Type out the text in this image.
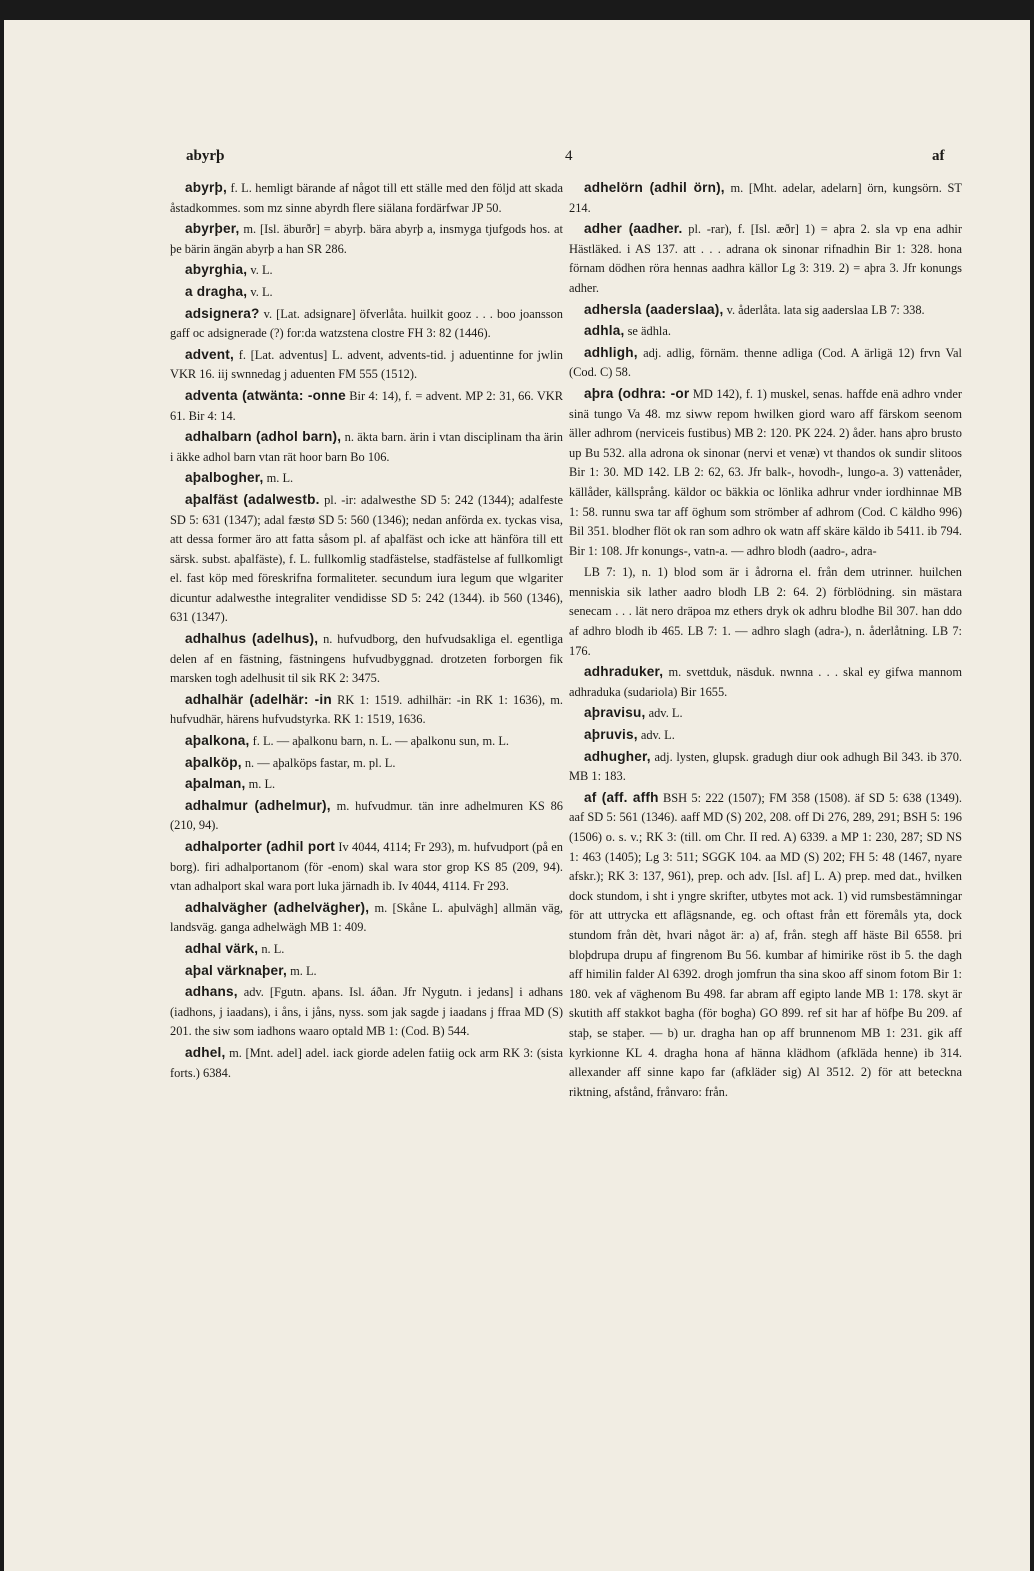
abyrþ	4	af

abyrþ, f. L. hemligt bärande af något till ett ställe med den följd att skada åstadkommes. som mz sinne abyrdh flere siälana fordärfwar JP 50.

abyrþer, m. [Isl. äburðr] = abyrþ. bära abyrþ a, insmyga tjufgods hos. at þe bärin ängän abyrþ a han SR 286.

abyrghia, v. L.

a dragha, v. L.

adsignera? v. [Lat. adsignare] öfverlåta. huilkit gooz . . . boo joansson gaff oc adsignerade (?) for:da watzstena clostre FH 3: 82 (1446).

advent, f. [Lat. adventus] L. advent, advents-tid. j aduentinne for jwlin VKR 16. iij swnnedag j aduenten FM 555 (1512).

adventa (atwänta: -onne Bir 4: 14), f. = advent. MP 2: 31, 66. VKR 61. Bir 4: 14.

adhalbarn (adhol barn), n. äkta barn. ärin i vtan disciplinam tha ärin i äkke adhol barn vtan rät hoor barn Bo 106.

aþalbogher, m. L.

aþalfäst (adalwestb. pl. -ir: adalwesthe SD 5: 242 (1344); adalfeste SD 5: 631 (1347); adal fæstø SD 5: 560 (1346); nedan anförda ex. tyckas visa, att dessa former äro att fatta såsom pl. af aþalfäst och icke att hänföra till ett särsk. subst. aþalfäste), f. L. fullkomlig stadfästelse, stadfästelse af fullkomligt el. fast köp med föreskrifna formaliteter. secundum iura legum que wlgariter dicuntur adalwesthe integraliter vendidisse SD 5: 242 (1344). ib 560 (1346), 631 (1347).

adhalhus (adelhus), n. hufvudborg, den hufvudsakliga el. egentliga delen af en fästning, fästningens hufvudbyggnad. drotzeten forborgen fik marsken togh adelhusit til sik RK 2: 3475.

adhalhär (adelhär: -in RK 1: 1519. adhilhär: -in RK 1: 1636), m. hufvudhär, härens hufvudstyrka. RK 1: 1519, 1636.

aþalkona, f. L. — aþalkonu barn, n. L. — aþalkonu sun, m. L.

aþalköp, n. — aþalköps fastar, m. pl. L.

aþalman, m. L.

adhalmur (adhelmur), m. hufvudmur. tän inre adhelmuren KS 86 (210, 94).

adhalporter (adhil port Iv 4044, 4114; Fr 293), m. hufvudport (på en borg). firi adhalportanom (för -enom) skal wara stor grop KS 85 (209, 94). vtan adhalport skal wara port luka järnadh ib. Iv 4044, 4114. Fr 293.

adhalvägher (adhelvägher), m. [Skåne L. aþulvägh] allmän väg, landsväg. ganga adhelwägh MB 1: 409.

adhal värk, n. L.

aþal värknaþer, m. L.

adhans, adv. [Fgutn. aþans. Isl. áðan. Jfr Nygutn. i jedans] i adhans (iadhons, j iaadans), i åns, i jåns, nyss. som jak sagde j iaadans j ffraa MD (S) 201. the siw som iadhons waaro optald MB 1: (Cod. B) 544.

adhel, m. [Mnt. adel] adel. iack giorde adelen fatiig ock arm RK 3: (sista forts.) 6384.

adhelörn (adhil örn), m. [Mht. adelar, adelarn] örn, kungsörn. ST 214.

adher (aadher. pl. -rar), f. [Isl. æðr] 1) = aþra 2. sla vp ena adhir Hästläked. i AS 137. att . . . adrana ok sinonar rifnadhin Bir 1: 328. hona förnam dödhen röra hennas aadhra källor Lg 3: 319. 2) = aþra 3. Jfr konungs adher.

adhersla (aaderslaa), v. åderlåta. lata sig aaderslaa LB 7: 338.

adhla, se ädhla.

adhligh, adj. adlig, förnäm. thenne adliga (Cod. A ärligä 12) frvn Val (Cod. C) 58.

aþra (odhra: -or MD 142), f. 1) muskel, senas. haffde enä adhro vnder sinä tungo Va 48. mz siww repom hwilken giord waro aff färskom seenom äller adhrom (nerviceis fustibus) MB 2: 120. PK 224. 2) åder. hans aþro brusto up Bu 532. alla adrona ok sinonar (nervi et venæ) vt thandos ok sundir slitoos Bir 1: 30. MD 142. LB 2: 62, 63. Jfr balk-, hovodh-, lungo-a. 3) vattenåder, källåder, källsprång. käldor oc bäkkia oc lönlika adhrur vnder iordhinnae MB 1: 58. runnu swa tar aff öghum som strömber af adhrom (Cod. C käldho 996) Bil 351. blodher flöt ok ran som adhro ok watn aff skäre käldo ib 5411. ib 794. Bir 1: 108. Jfr konungs-, vatn-a. — adhro blodh (aadro-, adra-

LB 7: 1), n. 1) blod som är i ådrorna el. från dem utrinner. huilchen menniskia sik lather aadro blodh LB 2: 64. 2) förblödning. sin mästara senecam . . . lät nero dräpoa mz ethers dryk ok adhru blodhe Bil 307. han ddo af adhro blodh ib 465. LB 7: 1. — adhro slagh (adra-), n. åderlåtning. LB 7: 176.

adhraduker, m. svettduk, näsduk. nwnna . . . skal ey gifwa mannom adhraduka (sudariola) Bir 1655.

aþravisu, adv. L.

aþruvis, adv. L.

adhugher, adj. lysten, glupsk. gradugh diur ook adhugh Bil 343. ib 370. MB 1: 183.

af (aff. affh BSH 5: 222 (1507); FM 358 (1508). äf SD 5: 638 (1349). aaf SD 5: 561 (1346). aaff MD (S) 202, 208. off Di 276, 289, 291; BSH 5: 196 (1506) o. s. v.; RK 3: (till. om Chr. II red. A) 6339. a MP 1: 230, 287; SD NS 1: 463 (1405); Lg 3: 511; SGGK 104. aa MD (S) 202; FH 5: 48 (1467, nyare afskr.); RK 3: 137, 961), prep. och adv. [Isl. af] L. A) prep. med dat., hvilken dock stundom, i sht i yngre skrifter, utbytes mot ack. 1) vid rumsbestämningar för att uttrycka ett aflägsnande, eg. och oftast från ett föremåls yta, dock stundom från dèt, hvari något är: a) af, från. stegh aff häste Bil 6558. þri bloþdrupa drupu af fingrenom Bu 56. kumbar af himirike röst ib 5. the dagh aff himilin falder Al 6392. drogh jomfrun tha sina skoo aff sinom fotom Bir 1: 180. vek af väghenom Bu 498. far abram aff egipto lande MB 1: 178. skyt är skutith aff stakkot bagha (för bogha) GO 899. ref sit har af höfþe Bu 209. af staþ, se staþer. — b) ur. dragha han op aff brunnenom MB 1: 231. gik aff kyrkionne KL 4. dragha hona af hänna klädhom (afkläda henne) ib 314. allexander aff sinne kapo far (afkläder sig) Al 3512. 2) för att beteckna riktning, afstånd, frånvaro: från.
